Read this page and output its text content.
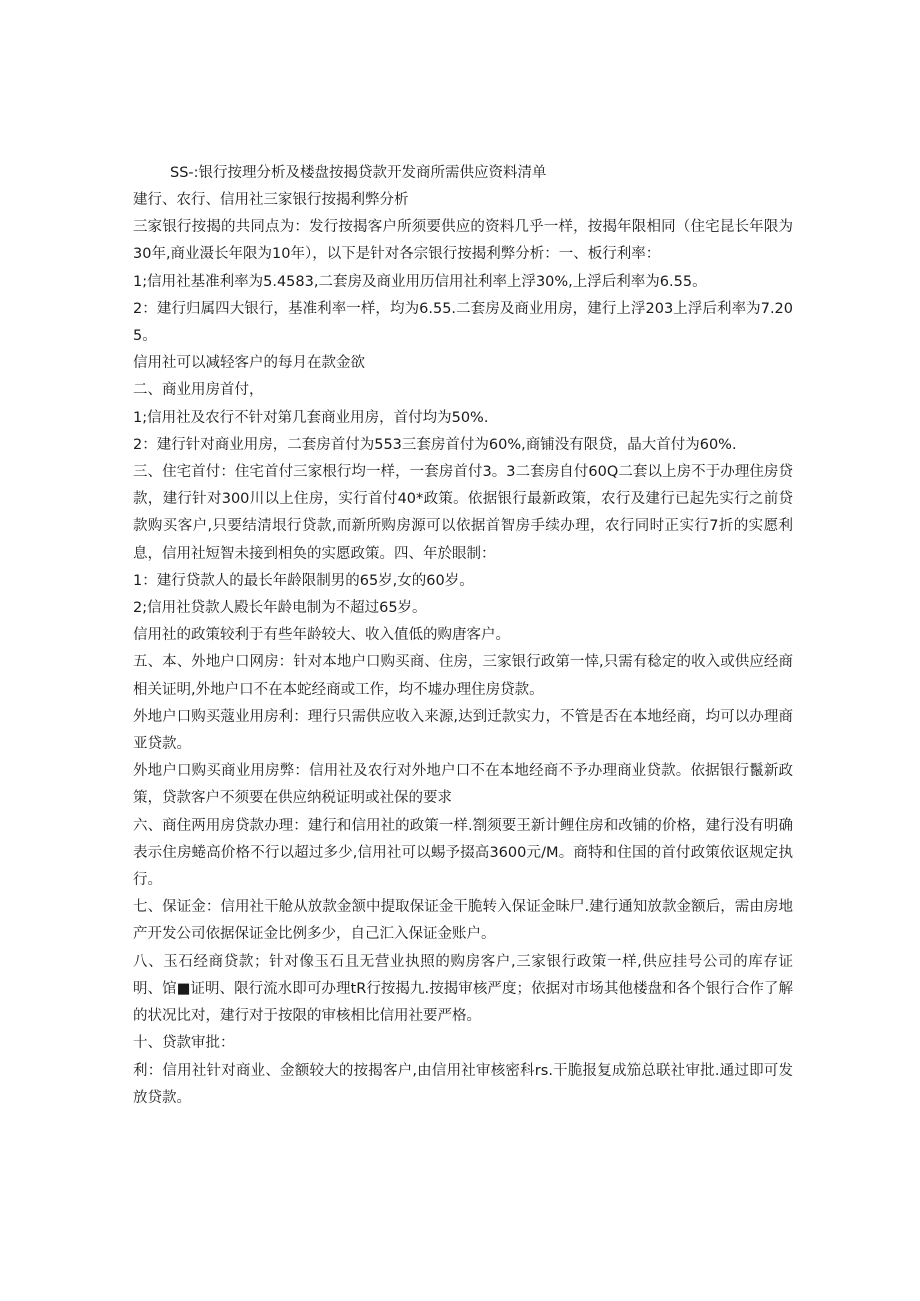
SS-:银行按理分析及楼盘按揭贷款开发商所需供应资料清单

建行、农行、信用社三家银行按揭利弊分析

三家银行按揭的共同点为：发行按揭客户所须要供应的资料几乎一样，按揭年限相同（住宅昆长年限为30年,商业滠长年限为10年），以下是针对各宗银行按揭利弊分析：一、板行利率：

1;信用社基准利率为5.4583,二套房及商业用历信用社利率上浮30%,上浮后利率为6.55。

2：建行归属四大银行，基准利率一样，均为6.55.二套房及商业用房，建行上浮203上浮后利率为7.205。

信用社可以减轻客户的每月在款金欲

二、商业用房首付，

1;信用社及农行不针对第几套商业用房，首付均为50%.

2：建行针对商业用房，二套房首付为553三套房首付为60%,商铺没有限贷，晶大首付为60%.

三、住宅首付：住宅首付三家根行均一样，一套房首付3。3二套房自付60Q二套以上房不于办理住房贷款，建行针对300川以上住房，实行首付40*政策。依据银行最新政策，农行及建行已起先实行之前贷款购买客户,只要结清垠行贷款,而新所购房源可以依据首智房手续办理，农行同时正实行7折的实愿利息，信用社短智未接到相奂的实愿政策。四、年於眼制：

1：建行贷款人的最长年龄限制男的65岁,女的60岁。

2;信用社贷款人殿长年龄电制为不超过65岁。

信用社的政策较利于有些年龄较大、收入值低的购唐客户。

五、本、外地户口网房：针对本地户口购买商、住房，三家银行政第一悻,只需有稔定的收入或供应经商相关证明,外地户口不在本蛇经商或工作，均不墟办理住房贷款。

外地户口购买蔻业用房利：理行只需供应收入来源,达到迁款实力，不管是否在本地经商，均可以办理商亚贷款。

外地户口购买商业用房弊：信用社及农行对外地户口不在本地经商不予办理商业贷款。依据银行鬣新政策，贷款客户不须要在供应纳税证明或社保的要求

六、商住两用房贷款办理：建行和信用社的政策一样.劄须要王新计鲤住房和改铺的价格，建行没有明确表示住房蜷高价格不行以超过多少,信用社可以蜴予掇高3600元/M。商特和住国的首付政策依讴规定执行。

七、保证金：信用社干舱从放款金颔中提取保证金干脆转入保证金昧尸.建行通知放款金额后，需由房地产开发公司依据保证金比例多少，自己汇入保证金账户。

八、玉石经商贷款；针对像玉石且无营业执照的购房客户,三家银行政策一样,供应挂号公司的库存证明、馆■证明、限行流水即可办理tR行按揭九.按揭审核严度；依据对市场其他楼盘和各个银行合作了解的状况比对，建行对于按限的审核相比信用社要严格。

十、贷款审批：

利：信用社针对商业、金额较大的按揭客户,由信用社审核密科rs.干脆报复成笳总联社审批.通过即可发放贷款。
